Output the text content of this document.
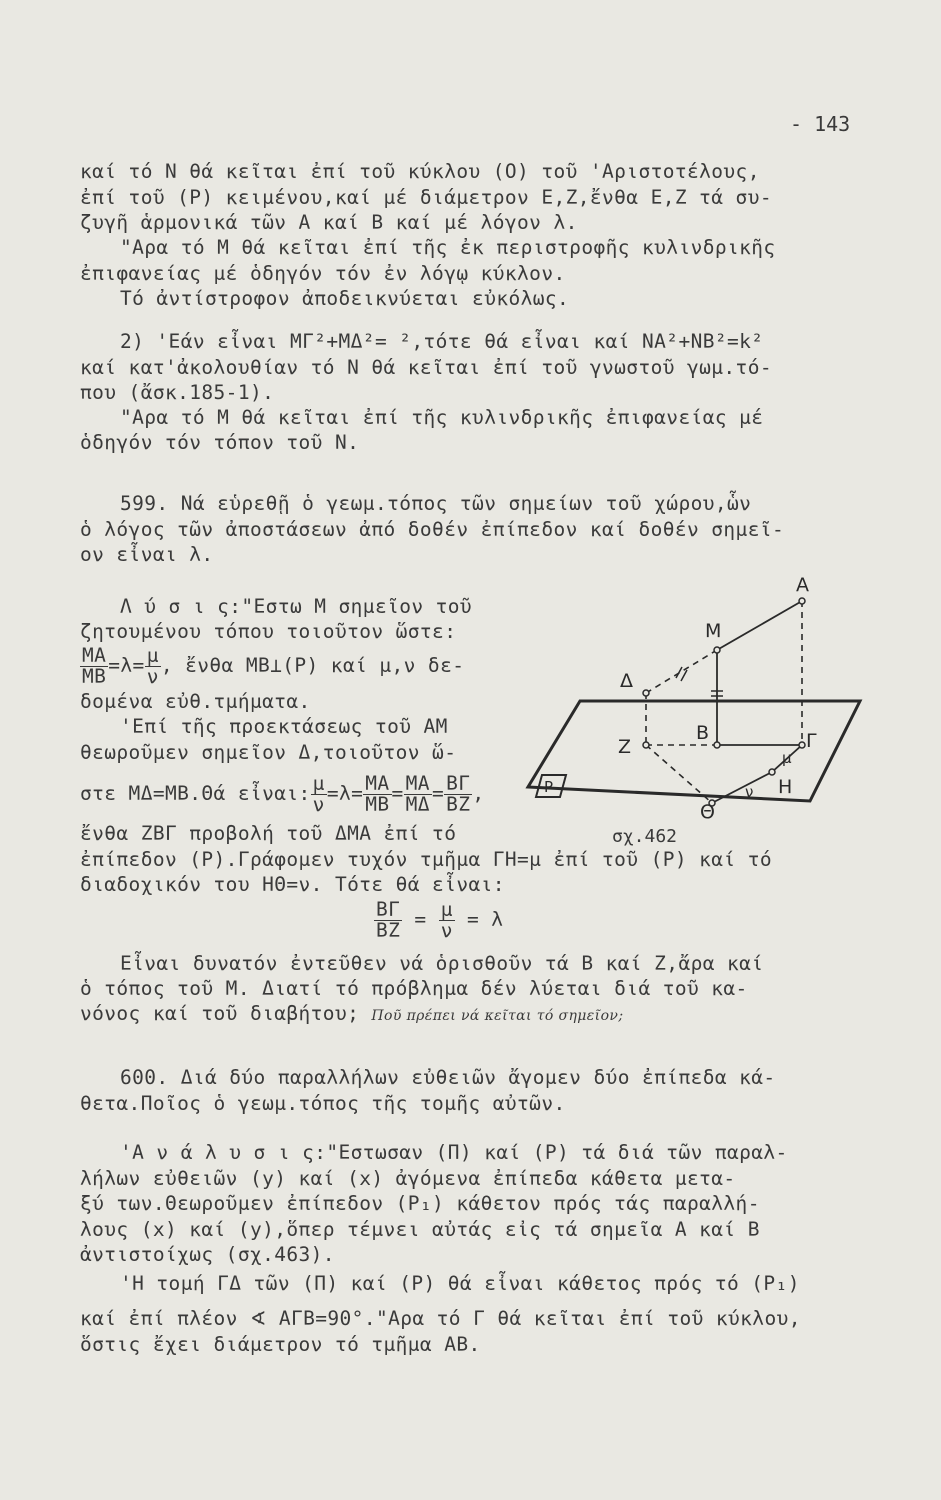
- 143
καί τό Ν θά κεῖται ἐπί τοῦ κύκλου (Ο) τοῦ 'Αριστοτέλους,
ἐπί τοῦ (Ρ) κειμένου,καί μέ διάμετρον Ε,Ζ,ἔνθα Ε,Ζ τά συ-
ζυγῆ ἁρμονικά τῶν Α καί Β καί μέ λόγον λ.
"Αρα τό Μ θά κεῖται ἐπί τῆς ἐκ περιστροφῆς κυλινδρικῆς
ἐπιφανείας μέ ὁδηγόν τόν ἐν λόγῳ κύκλον.
Τό ἀντίστροφον ἀποδεικνύεται εὐκόλως.
2) 'Εάν εἶναι ΜΓ²+ΜΔ²= ²,τότε θά εἶναι καί ΝΑ²+ΝΒ²=k²
καί κατ'ἀκολουθίαν τό Ν θά κεῖται ἐπί τοῦ γνωστοῦ γωμ.τό-
που (ἄσκ.185-1).
"Αρα τό Μ θά κεῖται ἐπί τῆς κυλινδρικῆς ἐπιφανείας μέ
ὁδηγόν τόν τόπον τοῦ Ν.
599. Νά εὑρεθῇ ὁ γεωμ.τόπος τῶν σημείων τοῦ χώρου,ὧν
ὁ λόγος τῶν ἀποστάσεων ἀπό δοθέν ἐπίπεδον καί δοθέν σημεῖ-
ον εἶναι λ.
Λ ύ σ ι ς:"Εστω Μ σημεῖον τοῦ
ζητουμένου τόπου τοιοῦτον ὥστε:
$\frac{MA}{MB} =\lambda= \frac{\mu}{\nu}$ , ἔνθα ΜΒ⊥(Ρ) καί μ,ν δε-
δομένα εὐθ.τμήματα.
'Επί τῆς προεκτάσεως τοῦ ΑΜ
θεωροῦμεν σημεῖον Δ,τοιοῦτον ὥ-
στε ΜΔ=ΜΒ.Θά εἶναι: $\frac{\mu}{\nu} =\lambda= \frac{MA}{MB} = \frac{MA}{M\Delta} = \frac{B\Gamma}{BZ}$ ,
ἔνθα ΖΒΓ προβολή τοῦ ΔΜΑ ἐπί τό
ἐπίπεδον (Ρ).Γράφομεν τυχόν τμῆμα ΓΗ=μ ἐπί τοῦ (Ρ) καί τό
διαδοχικόν του ΗΘ=ν. Τότε θά εἶναι:
$\frac{B\Gamma}{BZ} = \frac{\mu}{\nu} = \lambda$
Εἶναι δυνατόν ἐντεῦθεν νά ὁρισθοῦν τά Β καί Ζ,ἄρα καί
ὁ τόπος τοῦ Μ. Διατί τό πρόβλημα δέν λύεται διά τοῦ κα-
νόνος καί τοῦ διαβήτου; Ποῦ πρέπει νά κεῖται τό σημεῖον;
600. Διά δύο παραλλήλων εὐθειῶν ἄγομεν δύο ἐπίπεδα κά-
θετα.Ποῖος ὁ γεωμ.τόπος τῆς τομῆς αὐτῶν.
'Α ν ά λ υ σ ι ς:"Εστωσαν (Π) καί (Ρ) τά διά τῶν παραλ-
λήλων εὐθειῶν (y) καί (x) ἀγόμενα ἐπίπεδα κάθετα μετα-
ξύ των.Θεωροῦμεν ἐπίπεδον (Ρ₁) κάθετον πρός τάς παραλλή-
λους (x) καί (y),ὅπερ τέμνει αὐτάς εἰς τά σημεῖα Α καί Β
ἀντιστοίχως (σχ.463).
'Η τομή ΓΔ τῶν (Π) καί (Ρ) θά εἶναι κάθετος πρός τό (Ρ₁)
καί ἐπί πλέον ∢ ΑΓΒ=90°."Αρα τό Γ θά κεῖται ἐπί τοῦ κύκλου,
ὅστις ἔχει διάμετρον τό τμῆμα ΑΒ.
Α
Μ
Δ
Β
Ζ	Γ
Η
Θ
μ
ν
Ρ
σχ.462
